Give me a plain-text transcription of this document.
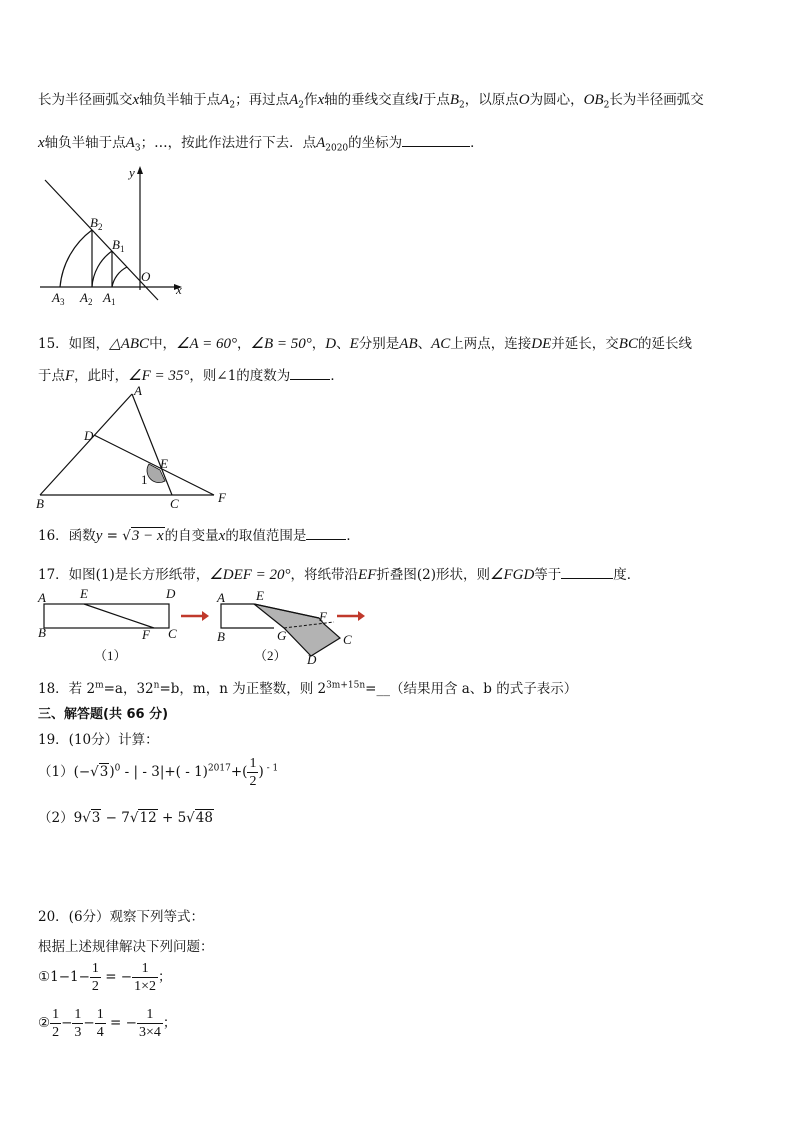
长为半径画弧交x轴负半轴于点$A_2$；再过点$A_2$作x轴的垂线交直线l于点$B_2$，以原点O为圆心，$OB_2$长为半径画弧交
x轴负半轴于点$A_3$；…，按此作法进行下去．点$A_{2020}$的坐标为	．
y
x
O
$B_2$
$B_1$
$A_3$ $A_2$ $A_1$
15．如图，△ABC中，∠A = 60°，∠B = 50°，D、E分别是AB、AC上两点，连接DE并延长，交BC的延长线
于点F，此时，∠F = 35°，则∠1的度数为	．
A
D
E
B	C	F
1
16．函数y = √3 − x的自变量x的取值范围是	．
17．如图(1)是长方形纸带，∠DEF = 20°，将纸带沿EF折叠图(2)形状，则∠FGD等于	度．
A	E	D
B	F C
（1）
A E
F
B	G	C
D
（2）
18．若 $2^m=a$，$32^n=b$，m，n 为正整数，则 $2^{3m+15n}=\_\_$（结果用含 a、b 的式子表示）
三、解答题(共 66 分)
19．(10分）计算：
$(1)(-√3)^0$ - | - $3|+( - 1)^{2017}+( \frac{1}{2}$ ) $^{- 1}$
（2）9√3 − 7√12 + 5√48
20．(6分）观察下列等式：
根据上述规律解决下列问题：
①1−1− $\frac{1}{2}$ = − $\frac{1}{1\times 2}$ ；
② $\frac{1}{2} - \frac{1}{3} - \frac{1}{4}$ = − $\frac{1}{3\times 4}$ ；
